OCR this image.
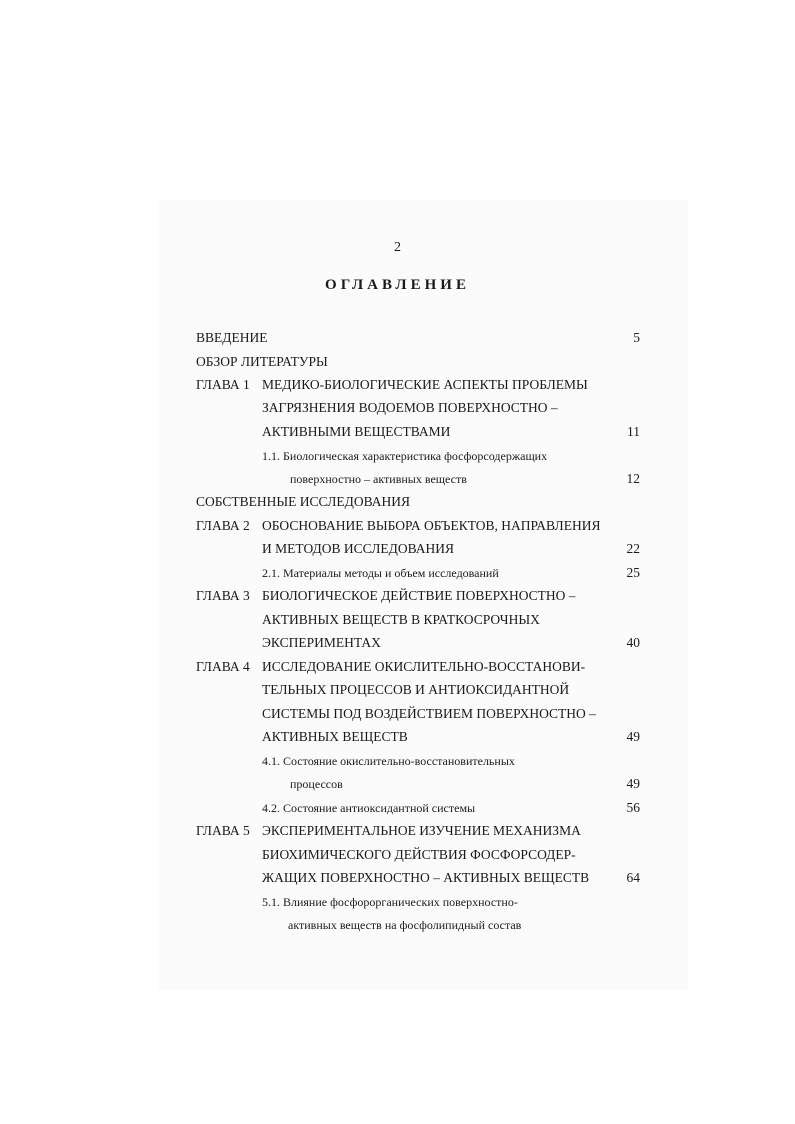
2
ОГЛАВЛЕНИЕ
ВВЕДЕНИЕ	5
ОБЗОР ЛИТЕРАТУРЫ
ГЛАВА 1 МЕДИКО-БИОЛОГИЧЕСКИЕ АСПЕКТЫ ПРОБЛЕМЫ
ЗАГРЯЗНЕНИЯ ВОДОЕМОВ ПОВЕРХНОСТНО –
АКТИВНЫМИ ВЕЩЕСТВАМИ	11
1.1. Биологическая характеристика фосфорсодержащих
поверхностно – активных веществ	12
СОБСТВЕННЫЕ ИССЛЕДОВАНИЯ
ГЛАВА 2 ОБОСНОВАНИЕ ВЫБОРА ОБЪЕКТОВ, НАПРАВЛЕНИЯ
И МЕТОДОВ ИССЛЕДОВАНИЯ	22
2.1. Материалы методы и объем исследований	25
ГЛАВА 3 БИОЛОГИЧЕСКОЕ ДЕЙСТВИЕ ПОВЕРХНОСТНО –
АКТИВНЫХ ВЕЩЕСТВ В КРАТКОСРОЧНЫХ
ЭКСПЕРИМЕНТАХ	40
ГЛАВА 4 ИССЛЕДОВАНИЕ ОКИСЛИТЕЛЬНО-ВОССТАНОВИ-
ТЕЛЬНЫХ ПРОЦЕССОВ И АНТИОКСИДАНТНОЙ
СИСТЕМЫ ПОД ВОЗДЕЙСТВИЕМ ПОВЕРХНОСТНО –
АКТИВНЫХ ВЕЩЕСТВ	49
4.1. Состояние окислительно-восстановительных
процессов	49
4.2. Состояние антиоксидантной системы	56
ГЛАВА 5 ЭКСПЕРИМЕНТАЛЬНОЕ ИЗУЧЕНИЕ МЕХАНИЗМА
БИОХИМИЧЕСКОГО ДЕЙСТВИЯ ФОСФОРСОДЕР-
ЖАЩИХ ПОВЕРХНОСТНО – АКТИВНЫХ ВЕЩЕСТВ	64
5.1. Влияние фосфорорганических поверхностно-
активных веществ на фосфолипидный состав
